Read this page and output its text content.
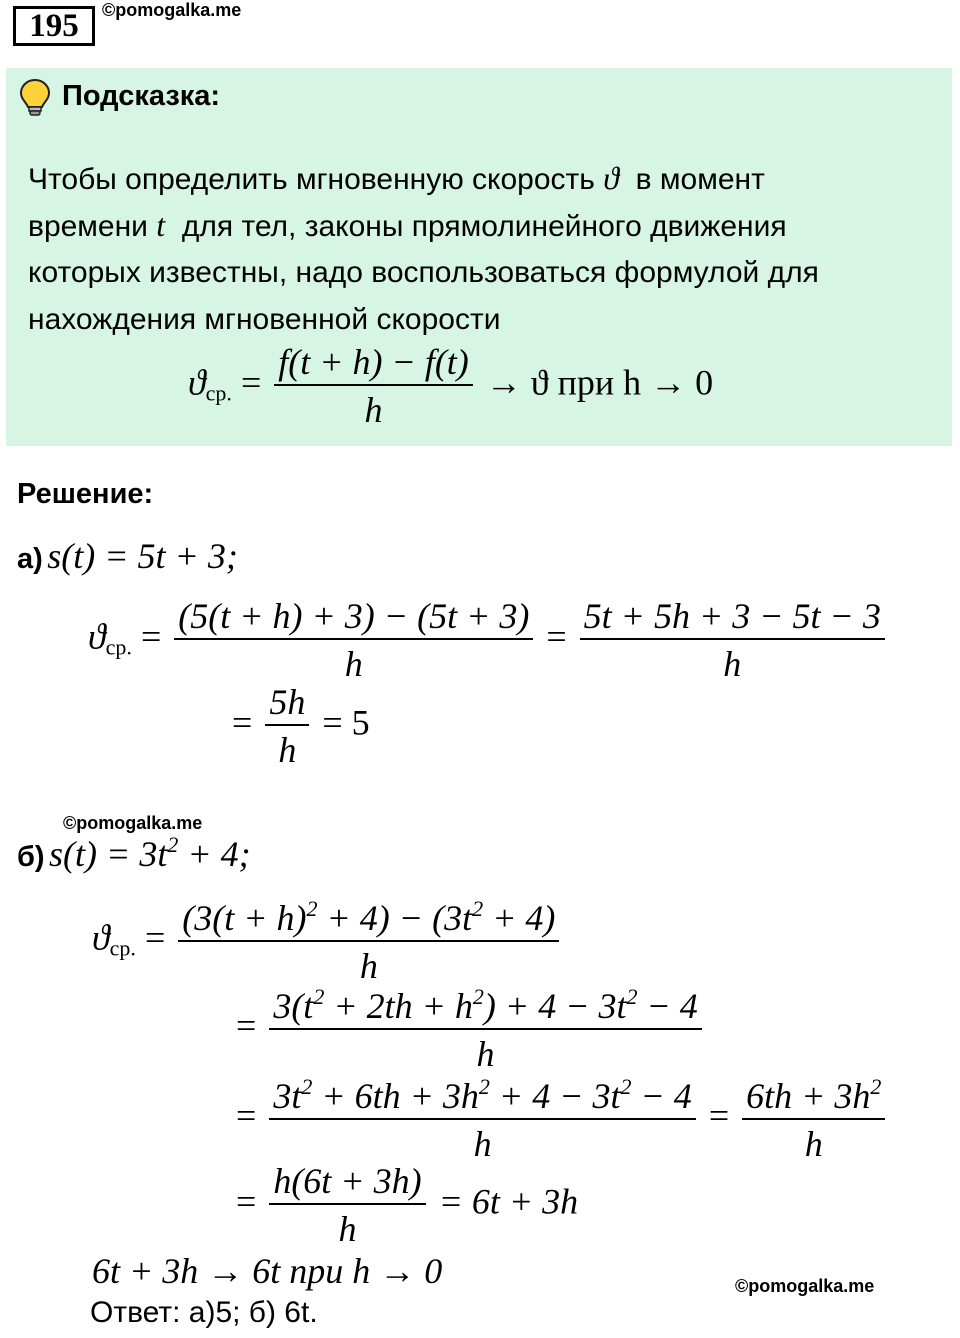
195	©pomogalka.me
Подсказка:
Чтобы определить мгновенную скорость ϑ в момент
времени t для тел, законы прямолинейного движения
которых известны, надо воспользоваться формулой для
нахождения мгновенной скорости
$ϑ_{ср.} = \frac{f(t + h) - f(t)}{h} \to ϑ$ при h → 0
Решение:
а) s(t) = 5t + 3;
$ϑ_{ср.} = \frac{(5(t + h) + 3) - (5t + 3)}{h} = \frac{5t + 5h + 3 - 5t - 3}{h}$
= $\frac{5h}{h} = 5$
©pomogalka.me
б) $s(t) = 3t^2 + 4$;
$ϑ_{ср.} = \frac{(3(t + h)^2 + 4) - (3t^2 + 4)}{h}$
= $\frac{3(t^2 + 2th + h^2) + 4 - 3t^2 - 4}{h}$
= $\frac{3t^2 + 6th + 3h^2 + 4 - 3t^2 - 4}{h} = \frac{6th + 3h^2}{h}$
= $\frac{h(6t + 3h)}{h} = 6t + 3h$
6t + 3h → 6t при h → 0	©pomogalka.me
Ответ: а)5; б) 6t.
